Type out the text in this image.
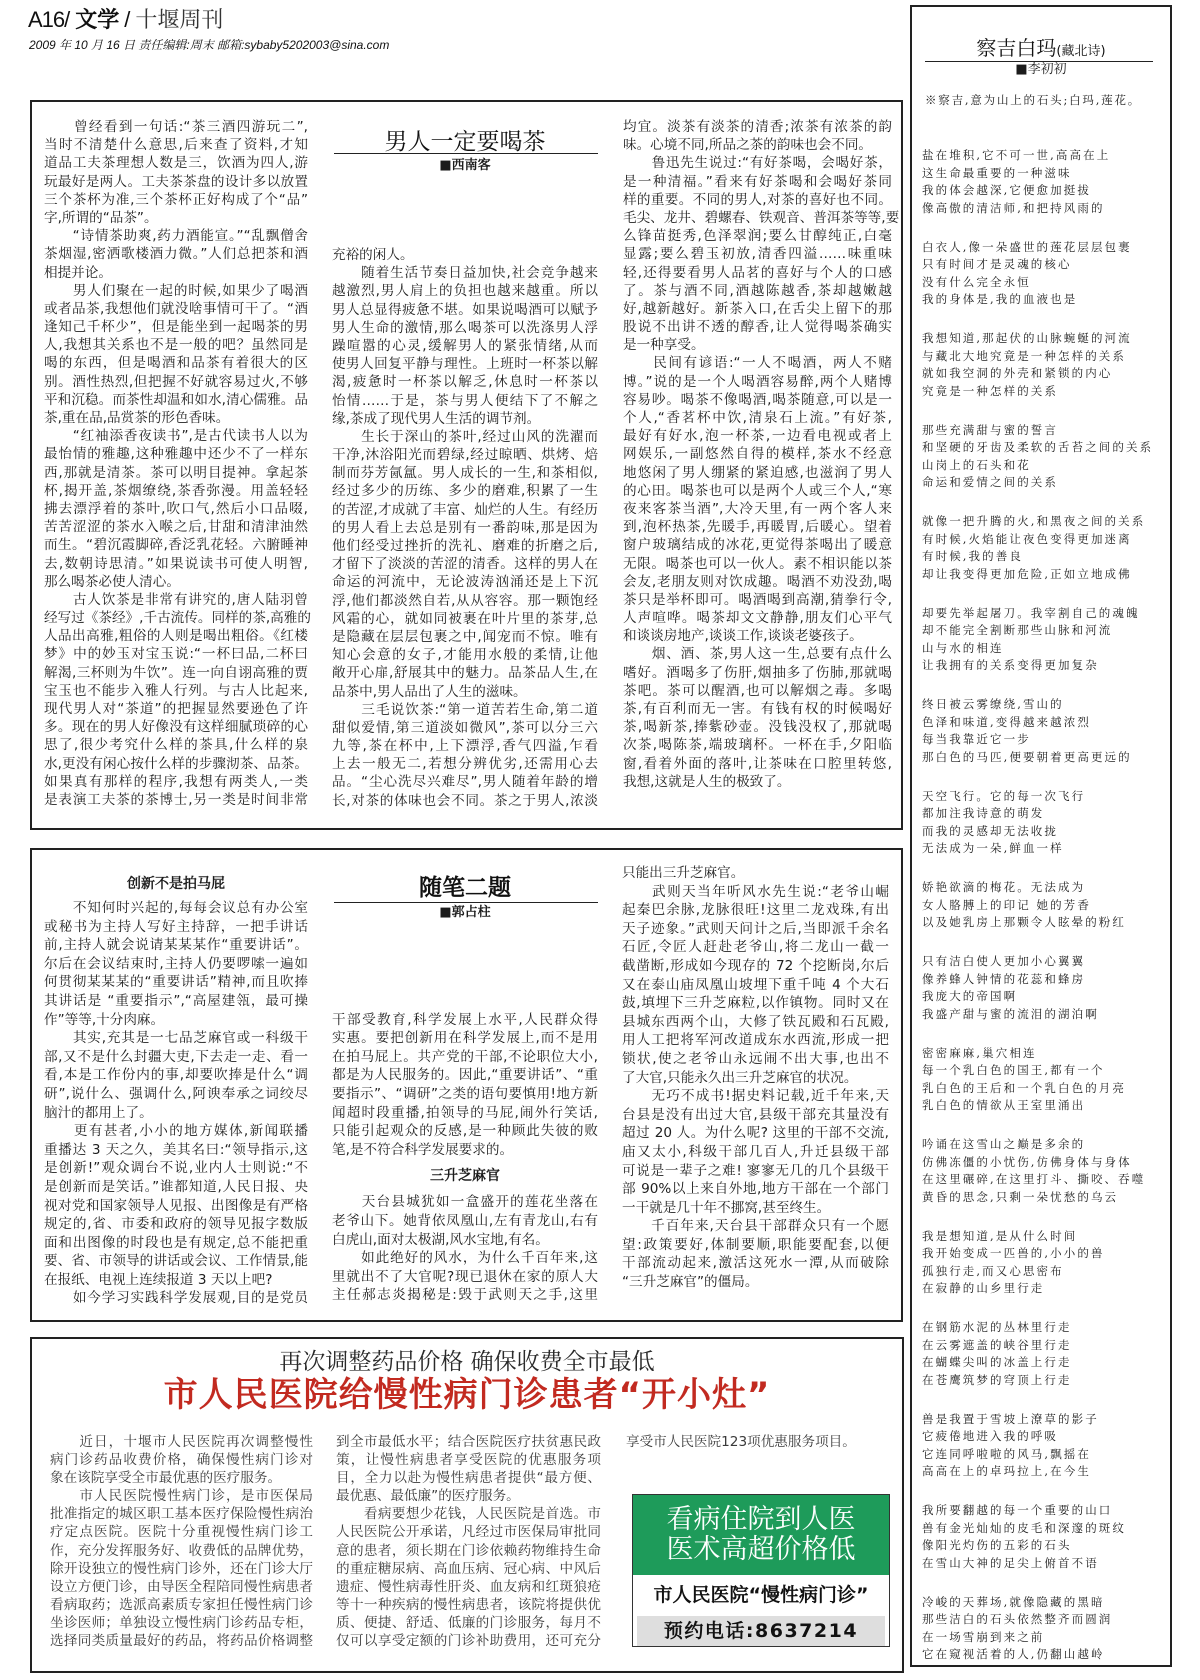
A16/ 文学 / 十堰周刊
2009 年 10 月 16 日 责任编辑:周末 邮箱:sybaby5202003@sina.com
　　曾经看到一句话:“茶三酒四游玩二”,
当时不清楚什么意思,后来查了资料,才知
道品工夫茶理想人数是三，饮酒为四人,游
玩最好是两人。工夫茶茶盘的设计多以放置
三个茶杯为准,三个茶杯正好构成了个“品”
字,所谓的“品茶”。
　　“诗情茶助爽,药力酒能宣。”“乱飘僧舍
茶烟湿,密洒歌楼酒力微。”人们总把茶和酒
相提并论。
　　男人们聚在一起的时候,如果少了喝酒
或者品茶,我想他们就没啥事情可干了。“酒
逢知己千杯少”，但是能坐到一起喝茶的男
人,我想其关系也不是一般的吧？虽然同是
喝的东西，但是喝酒和品茶有着很大的区
别。酒性热烈,但把握不好就容易过火,不够
平和沉稳。而茶性却温和如水,清心儒雅。品
茶,重在品,品赏茶的形色香味。
　　“红袖添香夜读书”,是古代读书人以为
最怡情的雅趣,这种雅趣中还少不了一样东
西,那就是清茶。茶可以明目提神。拿起茶
杯,揭开盖,茶烟缭绕,茶香弥漫。用盖轻轻
拂去漂浮着的茶叶,吹口气,然后小口品啜,
苦苦涩涩的茶水入喉之后,甘甜和清津油然
而生。“碧沉霞脚碎,香泛乳花轻。六腑睡神
去,数朝诗思清。”如果说读书可使人明智,
那么喝茶必使人清心。
　　古人饮茶是非常有讲究的,唐人陆羽曾
经写过《茶经》,千古流传。同样的茶,高雅的
人品出高雅,粗俗的人则是喝出粗俗。《红楼
梦》中的妙玉对宝玉说:“一杯曰品,二杯曰
解渴,三杯则为牛饮”。连一向自诩高雅的贾
宝玉也不能步入雅人行列。与古人比起来,
现代男人对“茶道”的把握显然要逊色了许
多。现在的男人好像没有这样细腻琐碎的心
思了,很少考究什么样的茶具,什么样的泉
水,更没有闲心按什么样的步骤沏茶、品茶。
如果真有那样的程序,我想有两类人,一类
是表演工夫茶的茶博士,另一类是时间非常
男人一定要喝茶
■西南客
充裕的闲人。
　　随着生活节奏日益加快,社会竞争越来
越激烈,男人肩上的负担也越来越重。所以
男人总显得疲惫不堪。如果说喝酒可以赋予
男人生命的激情,那么喝茶可以洗涤男人浮
躁喧嚣的心灵,缓解男人的紧张情绪,从而
使男人回复平静与理性。上班时一杯茶以解
渴,疲惫时一杯茶以解乏,休息时一杯茶以
怡情……于是，茶与男人便结下了不解之
缘,茶成了现代男人生活的调节剂。
　　生长于深山的茶叶,经过山风的洗濯而
干净,沐浴阳光而碧绿,经过晾晒、烘烤、焙
制而芬芳氤氲。男人成长的一生,和茶相似,
经过多少的历练、多少的磨难,积累了一生
的苦涩,才成就了丰富、灿烂的人生。有经历
的男人看上去总是别有一番韵味,那是因为
他们经受过挫折的洗礼、磨难的折磨之后,
才留下了淡淡的苦涩的清香。这样的男人在
命运的河流中，无论波涛汹涌还是上下沉
浮,他们都淡然自若,从从容容。那一颗饱经
风霜的心，就如同被裹在叶片里的茶芽,总
是隐藏在层层包裹之中,闻宠而不惊。唯有
知心会意的女子,才能用水般的柔情,让他
敞开心扉,舒展其中的魅力。品茶品人生,在
品茶中,男人品出了人生的滋味。
　　三毛说饮茶:“第一道苦若生命,第二道
甜似爱情,第三道淡如微风”,茶可以分三六
九等,茶在杯中,上下漂浮,香气四溢,乍看
上去一般无二,若想分辨优劣,还需用心去
品。“尘心洗尽兴难尽”,男人随着年龄的增
长,对茶的体味也会不同。茶之于男人,浓淡
均宜。淡茶有淡茶的清香;浓茶有浓茶的韵
味。心境不同,所品之茶的韵味也会不同。
　　鲁迅先生说过:“有好茶喝，会喝好茶，
是一种清福。”看来有好茶喝和会喝好茶同
样的重要。不同的男人,对茶的喜好也不同。
毛尖、龙井、碧螺春、铁观音、普洱茶等等,要
么锋苗挺秀,色泽翠润;要么甘醇纯正,白毫
显露;要么碧玉初放,清香四溢……味重味
轻,还得要看男人品茗的喜好与个人的口感
了。茶与酒不同,酒越陈越香,茶却越嫩越
好,越新越好。新茶入口,在舌尖上留下的那
股说不出讲不透的醇香,让人觉得喝茶确实
是一种享受。
　　民间有谚语:“一人不喝酒，两人不赌
博。”说的是一个人喝酒容易醉,两个人赌博
容易吵。喝茶不像喝酒,喝茶随意,可以是一
个人,“香茗杯中饮,清泉石上流。”有好茶,
最好有好水,泡一杯茶,一边看电视或者上
网娱乐,一副悠然自得的模样,茶水不经意
地悠闲了男人绷紧的紧迫感,也滋润了男人
的心田。喝茶也可以是两个人或三个人,“寒
夜来客茶当酒”,大冷天里,有一两个客人来
到,泡杯热茶,先暖手,再暖胃,后暖心。望着
窗户玻璃结成的冰花,更觉得茶喝出了暖意
无限。喝茶也可以一伙人。素不相识能以茶
会友,老朋友则对饮成趣。喝酒不劝没劲,喝
茶只是举杯即可。喝酒喝到高潮,猜拳行令,
人声喧哗。喝茶却文文静静,朋友们心平气
和谈谈房地产,谈谈工作,谈谈老婆孩子。
　　烟、酒、茶,男人这一生,总要有点什么
嗜好。酒喝多了伤肝,烟抽多了伤肺,那就喝
茶吧。茶可以醒酒,也可以解烟之毒。多喝
茶,有百利而无一害。有钱有权的时候喝好
茶,喝新茶,捧紫砂壶。没钱没权了,那就喝
次茶,喝陈茶,端玻璃杯。一杯在手,夕阳临
窗,看着外面的落叶,让茶味在口腔里转悠,
我想,这就是人生的极致了。
创新不是拍马屁
　　不知何时兴起的,每每会议总有办公室
或秘书为主持人写好主持辞，一把手讲话
前,主持人就会说请某某某作“重要讲话”。
尔后在会议结束时,主持人仍要啰嗦一遍如
何贯彻某某某的“重要讲话”精神,而且吹捧
其讲话是 “重要指示”,“高屋建瓴，最可操
作”等等,十分肉麻。
　　其实,充其是一七品芝麻官或一科级干
部,又不是什么封疆大吏,下去走一走、看一
看,本是工作份内的事,却要吹捧是什么“调
研”,说什么、强调什么,阿谀奉承之词绞尽
脑汁的都用上了。
　　更有甚者,小小的地方媒体,新闻联播
重播达 3 天之久，美其名曰:“领导指示,这
是创新!”观众调台不说,业内人士则说:“不
是创新而是笑话。”谁都知道,人民日报、央
视对党和国家领导人见报、出图像是有严格
规定的,省、市委和政府的领导见报字数版
面和出图像的时段也是有规定,总不能把重
要、省、市领导的讲话或会议、工作情景,能
在报纸、电视上连续报道 3 天以上吧?
　　如今学习实践科学发展观,目的是党员
随笔二题
■郭占柱
干部受教育,科学发展上水平,人民群众得
实惠。要把创新用在科学发展上,而不是用
在拍马屁上。共产党的干部,不论职位大小,
都是为人民服务的。因此,“重要讲话”、“重
要指示”、“调研”之类的语句要慎用!地方新
闻超时段重播,拍领导的马屁,闹外行笑话,
只能引起观众的反感,是一种顾此失彼的败
笔,是不符合科学发展要求的。
三升芝麻官
　　天台县城犹如一盒盛开的莲花坐落在
老爷山下。她背依凤凰山,左有青龙山,右有
白虎山,面对太极湖,风水宝地,有名。
　　如此绝好的风水，为什么千百年来,这
里就出不了大官呢?现已退休在家的原人大
主任郝志炎揭秘是:毁于武则天之手,这里
只能出三升芝麻官。
　　武则天当年听风水先生说:“老爷山崛
起秦巴余脉,龙脉很旺!这里二龙戏珠,有出
天子迹象。”武则天问计之后,当即派千余名
石匠,令匠人赶赴老爷山,将二龙山一截一
截凿断,形成如今现存的 72 个挖断岗,尔后
又在泰山庙凤凰山坡埋下重千吨 4 个大石
鼓,填埋下三升芝麻粒,以作镇物。同时又在
县城东西两个山，大修了铁瓦殿和石瓦殿,
用人工把将军河改道成东水西流,形成一把
锁状,使之老爷山永远闹不出大事,也出不
了大官,只能永久出三升芝麻官的状况。
　　无巧不成书!据史料记载,近千年来,天
台县是没有出过大官,县级干部充其量没有
超过 20 人。为什么呢? 这里的干部不交流,
庙又太小,科级干部几百人,升迁县级干部
可说是一辈子之难! 寥寥无几的几个县级干
部 90%以上来自外地,地方干部在一个部门
一干就是几十年不挪窝,甚至终生。
　　千百年来,天台县干部群众只有一个愿
望:政策要好,体制要顺,职能要配套,以便
干部流动起来,激活这死水一潭,从而破除
“三升芝麻官”的僵局。
再次调整药品价格 确保收费全市最低
市人民医院给慢性病门诊患者“开小灶”
　　近日，十堰市人民医院再次调整慢性
病门诊药品收费价格，确保慢性病门诊对
象在该院享受全市最优惠的医疗服务。
　　市人民医院慢性病门诊，是市医保局
批准指定的城区职工基本医疗保险慢性病治
疗定点医院。医院十分重视慢性病门诊工
作，充分发挥服务好、收费低的品牌优势，
除开设独立的慢性病门诊外，还在门诊大厅
设立方便门诊，由导医全程陪同慢性病患者
看病取药；选派高素质专家担任慢性病门诊
坐诊医师；单独设立慢性病门诊药品专柜，
选择同类质量最好的药品，将药品价格调整
到全市最低水平；结合医院医疗扶贫惠民政
策，让慢性病患者享受医院的优惠服务项
目，全力以赴为慢性病患者提供“最方便、
最优惠、最低廉”的医疗服务。
　　看病要想少花钱，人民医院是首选。市
人民医院公开承诺，凡经过市医保局审批同
意的患者，须长期在门诊依赖药物维持生命
的重症糖尿病、高血压病、冠心病、中风后
遗症、慢性病毒性肝炎、血友病和红斑狼疮
等十一种疾病的慢性病患者，该院将提供优
质、便捷、舒适、低廉的门诊服务，每月不
仅可以享受定额的门诊补助费用，还可充分
享受市人民医院123项优惠服务项目。
看病住院到人医
医术高超价格低
市人民医院“慢性病门诊”
预约电话:8637214
察吉白玛(藏北诗)
■李初初
※察吉,意为山上的石头;白玛,莲花。
盐在堆积,它不可一世,高高在上
这生命最重要的一种滋味
我的体会越深,它便愈加挺拔
像高傲的清洁师,和把持风雨的
白衣人,像一朵盛世的莲花层层包裹
只有时间才是灵魂的核心
没有什么完全永恒
我的身体是,我的血液也是
我想知道,那起伏的山脉蜿蜒的河流
与藏北大地究竟是一种怎样的关系
就如我空洞的外壳和紧锁的内心
究竟是一种怎样的关系
那些充满甜与蜜的誓言
和坚硬的牙齿及柔软的舌苔之间的关系
山岗上的石头和花
命运和爱情之间的关系
就像一把升腾的火,和黑夜之间的关系
有时候,火焰能让夜色变得更加迷离
有时候,我的善良
却让我变得更加危险,正如立地成佛
却要先举起屠刀。我宰割自己的魂魄
却不能完全割断那些山脉和河流
山与水的相连
让我拥有的关系变得更加复杂
终日被云雾缭绕,雪山的
色泽和味道,变得越来越浓烈
每当我靠近它一步
那白色的马匹,便要朝着更高更远的
天空飞行。它的每一次飞行
都加注我诗意的萌发
而我的灵感却无法收拢
无法成为一朵,鲜血一样
娇艳欲滴的梅花。无法成为
女人胳膊上的印记 她的芳香
以及她乳房上那颗令人眩晕的粉红
只有洁白使人更加小心翼翼
像养蜂人钟情的花蕊和蜂房
我庞大的帝国啊
我盛产甜与蜜的流泪的湖泊啊
密密麻麻,巢穴相连
每一个乳白色的国王,都有一个
乳白色的王后和一个乳白色的月亮
乳白色的情欲从王室里涌出
吟诵在这雪山之巅是多余的
仿佛冻僵的小忧伤,仿佛身体与身体
在这里碾碎,在这里打斗、撕咬、吞噬
黄昏的思念,只剩一朵忧愁的乌云
我是想知道,是从什么时间
我开始变成一匹兽的,小小的兽
孤独行走,而又心思密布
在寂静的山乡里行走
在钢筋水泥的丛林里行走
在云雾遮盖的峡谷里行走
在蝴蝶尖叫的冰盖上行走
在苍鹰筑梦的穹顶上行走
兽是我置于雪坡上潦草的影子
它疲倦地进入我的呼吸
它连同呼啦啦的风马,飘摇在
高高在上的卓玛拉上,在今生
我所要翻越的每一个重要的山口
兽有金光灿灿的皮毛和深邃的斑纹
像阳光灼伤的五彩的石头
在雪山大神的足尖上俯首不语
冷峻的天葬场,就像隐藏的黑暗
那些洁白的石头依然整齐而圆润
在一场雪崩到来之前
它在窥视活着的人,仍翻山越岭
